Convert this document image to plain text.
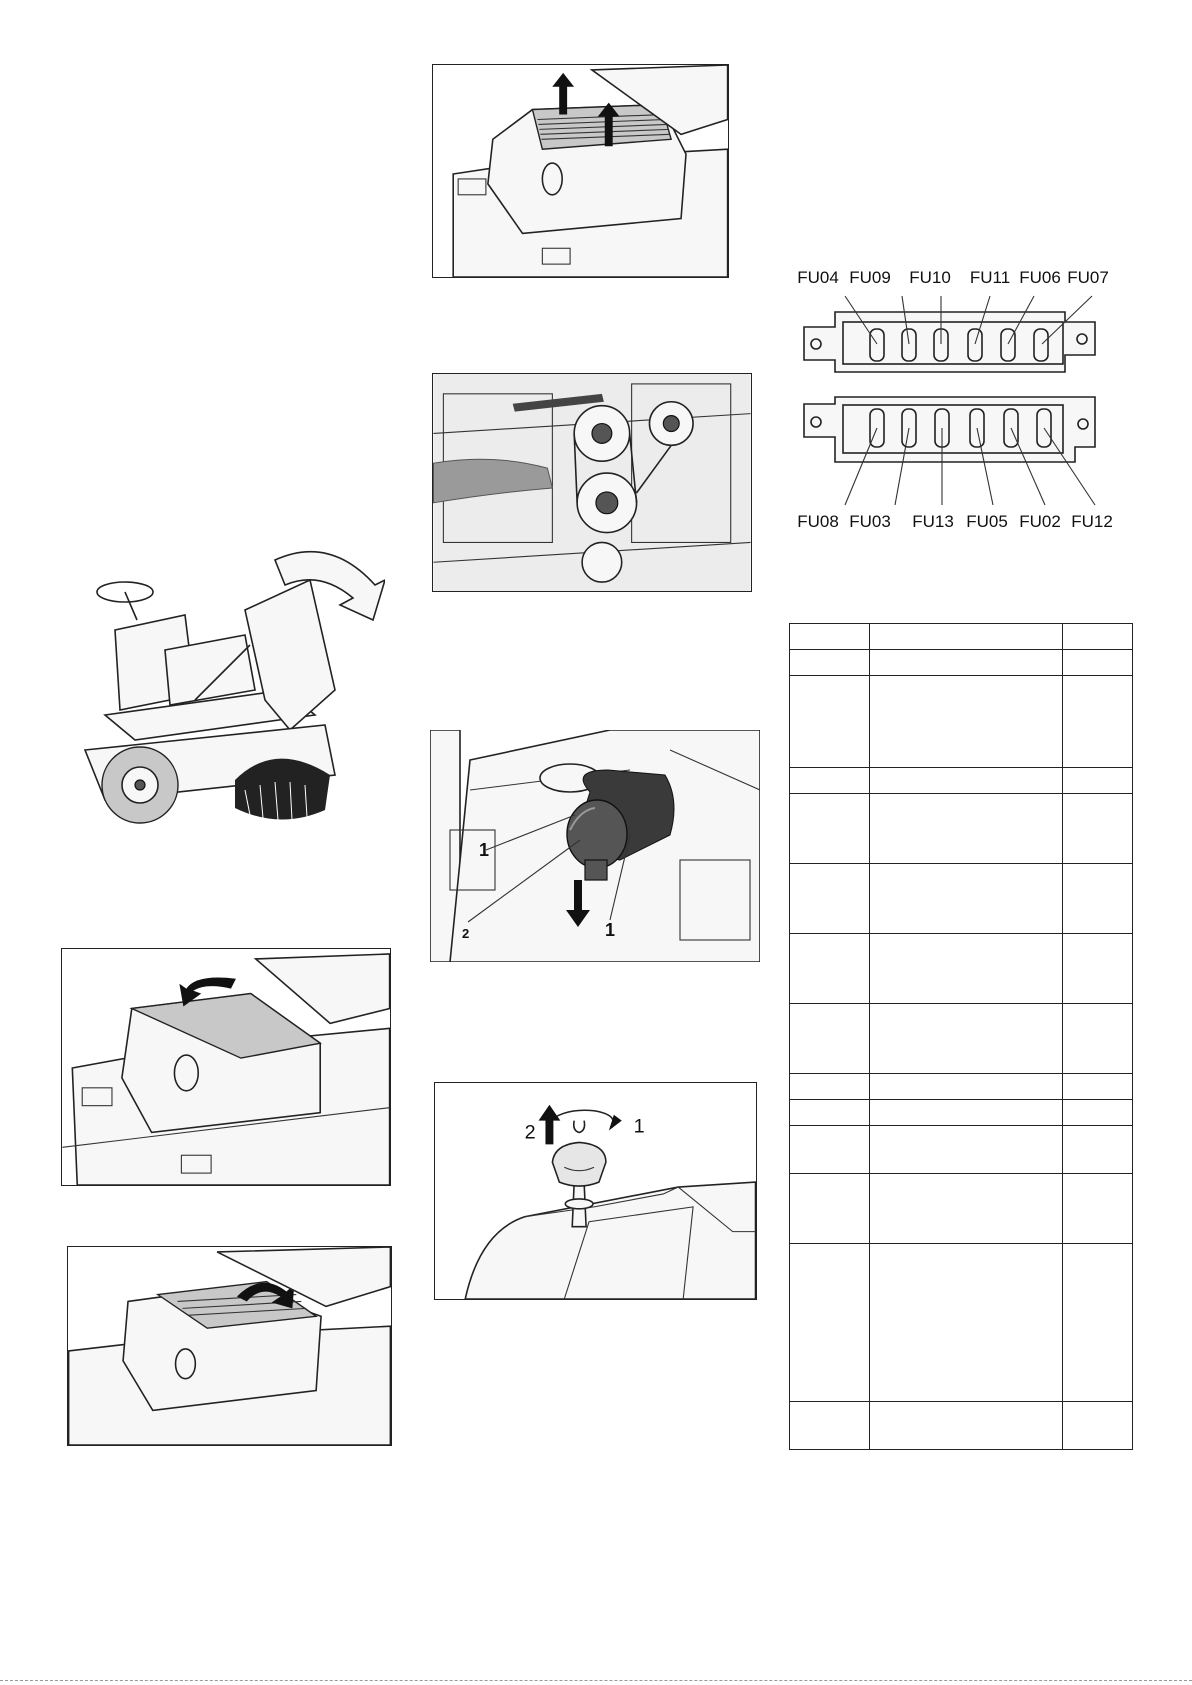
1
2	1
2	1
FU04 FU09 FU10 FU11 FU06 FU07
FU08 FU03 FU13 FU05 FU02 FU12
